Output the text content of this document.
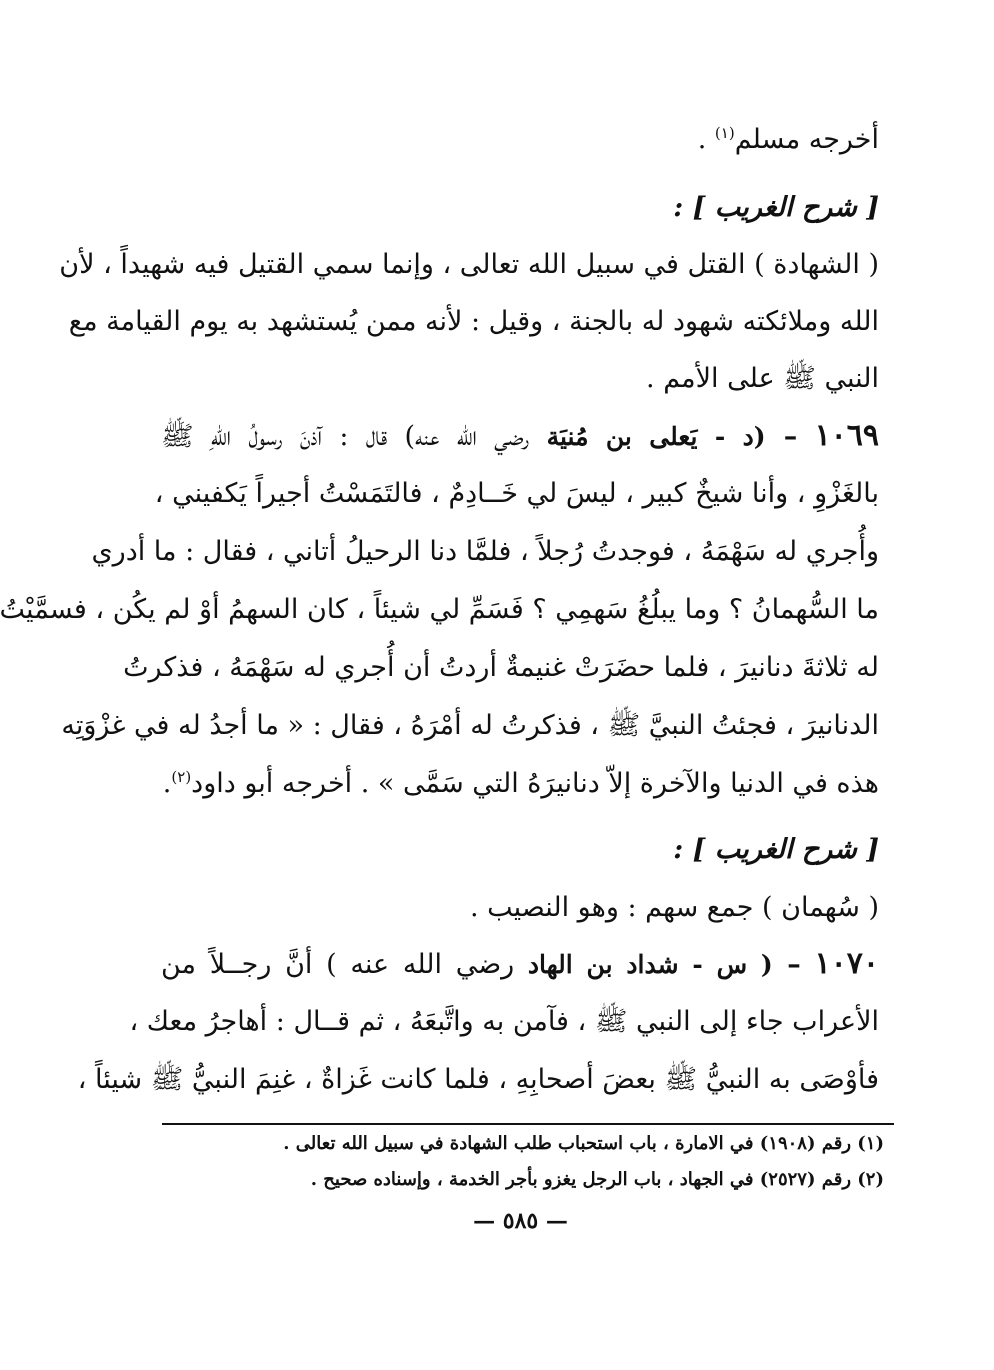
أخرجه مسلم$^{(١)}$ .
[ شرح الغريب ] :
( الشهادة ) القتل في سبيل الله تعالى ، وإنما سمي القتيل فيه شهيداً ، لأن
الله وملائكته شهود له بالجنة ، وقيل : لأنه ممن يُستشهد به يوم القيامة مع
النبي ﷺ على الأمم .
١٠٦٩ – (د - يَعلى بن مُنيَة رضي الله عنه) قال : آذنَ رسولُ اللهِ ﷺ
بالغَزْوِ ، وأنا شيخٌ كبير ، ليسَ لي خَــادِمٌ ، فالتَمَسْتُ أجيراً يَكفيني ،
وأُجري له سَهْمَهُ ، فوجدتُ رُجلاً ، فلمَّا دنا الرحيلُ أتاني ، فقال : ما أدري
ما السُّهمانُ ؟ وما يبلُغُ سَهمِي ؟ فَسَمِّ لي شيئاً ، كان السهمُ أوْ لم يكُن ، فسمَّيْتُ
له ثلاثةَ دنانيرَ ، فلما حضَرَتْ غنيمةٌ أردتُ أن أُجري له سَهْمَهُ ، فذكرتُ
الدنانيرَ ، فجئتُ النبيَّ ﷺ ، فذكرتُ له أمْرَهُ ، فقال : « ما أجدُ له في غزْوَتِه
هذه في الدنيا والآخرة إلاّ دنانيرَهُ التي سَمَّى » . أخرجه أبو داود$^{(٢)}$.
[ شرح الغريب ] :
( سُهمان ) جمع سهم : وهو النصيب .
١٠٧٠ – ( س - شداد بن الهاد رضي الله عنه ) أنَّ رجــلاً من
الأعراب جاء إلى النبي ﷺ ، فآمن به واتَّبعَهُ ، ثم قــال : أهاجرُ معك ،
فأوْصَى به النبيُّ ﷺ بعضَ أصحابِهِ ، فلما كانت غَزاةٌ ، غنِمَ النبيُّ ﷺ شيئاً ،
(١) رقم (١٩٠٨) في الامارة ، باب استحباب طلب الشهادة في سبيل الله تعالى .
(٢) رقم (٢٥٢٧) في الجهاد ، باب الرجل يغزو بأجر الخدمة ، وإسناده صحيح .
— ٥٨٥ —
